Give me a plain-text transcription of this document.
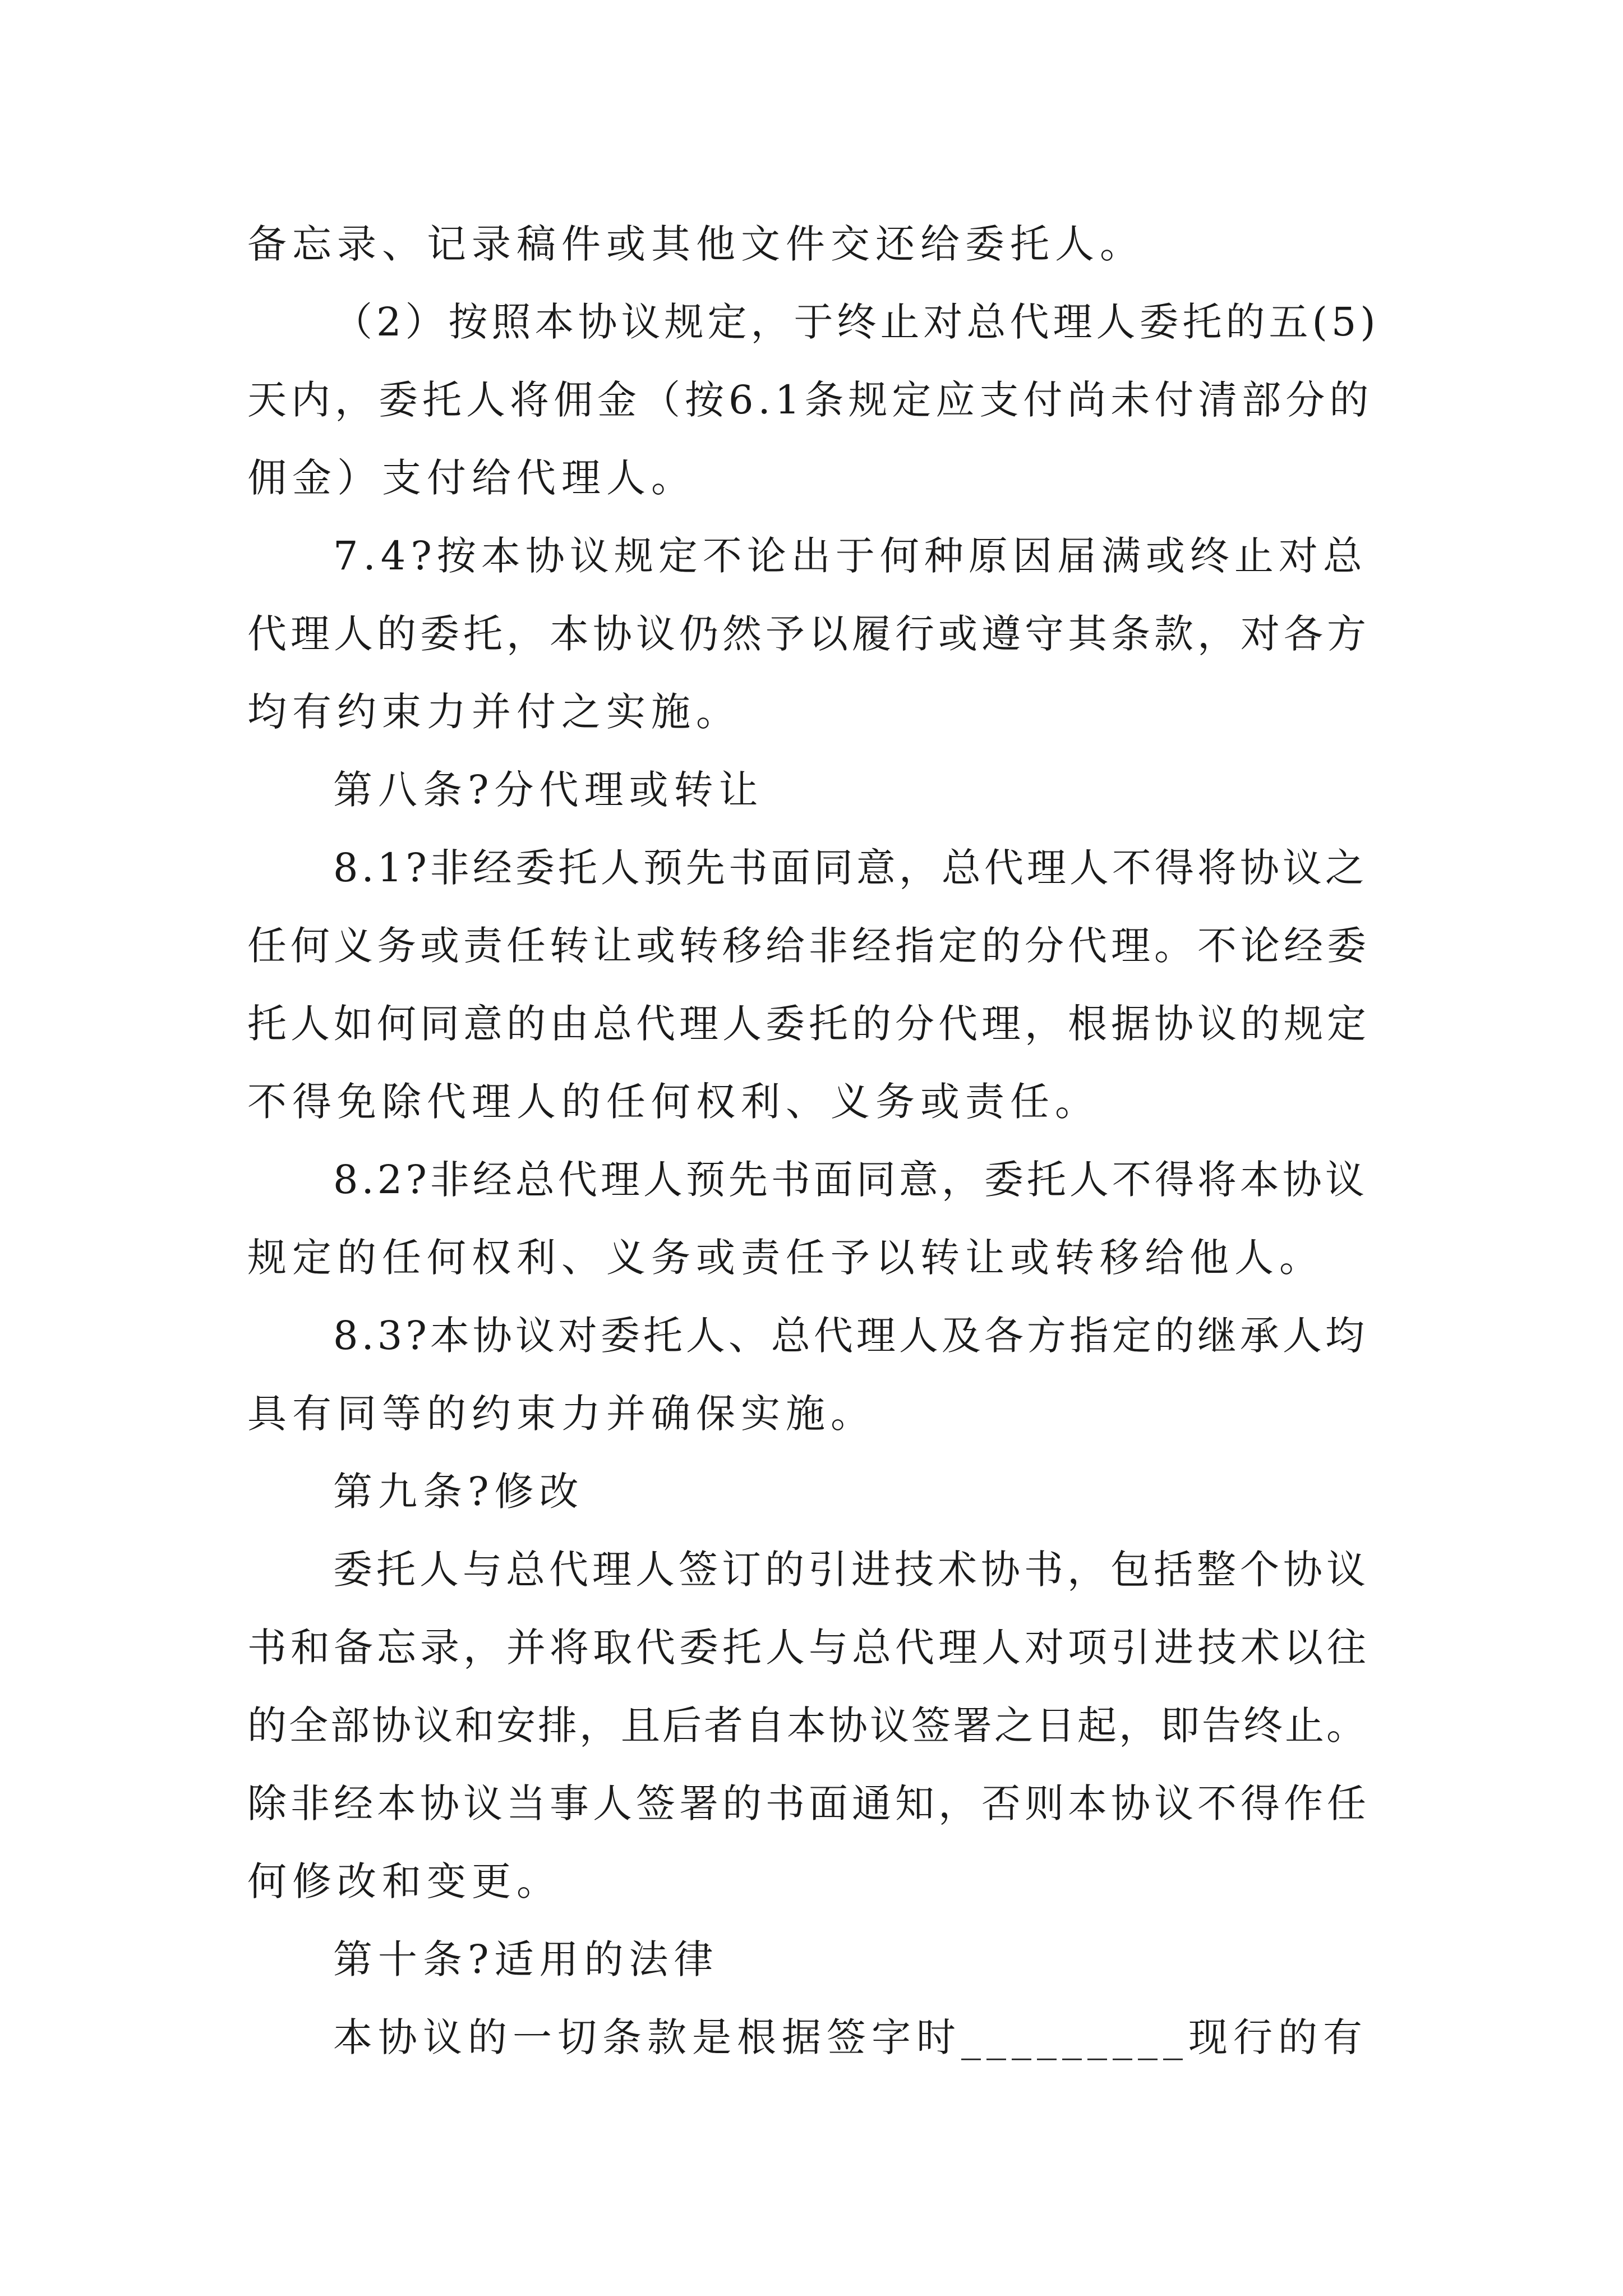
备忘录、记录稿件或其他文件交还给委托人。
（2）按照本协议规定，于终止对总代理人委托的五(5)
天内，委托人将佣金（按6.1条规定应支付尚未付清部分的
佣金）支付给代理人。
7.4?按本协议规定不论出于何种原因届满或终止对总
代理人的委托，本协议仍然予以履行或遵守其条款，对各方
均有约束力并付之实施。
第八条?分代理或转让
8.1?非经委托人预先书面同意，总代理人不得将协议之
任何义务或责任转让或转移给非经指定的分代理。不论经委
托人如何同意的由总代理人委托的分代理，根据协议的规定
不得免除代理人的任何权利、义务或责任。
8.2?非经总代理人预先书面同意，委托人不得将本协议
规定的任何权利、义务或责任予以转让或转移给他人。
8.3?本协议对委托人、总代理人及各方指定的继承人均
具有同等的约束力并确保实施。
第九条?修改
委托人与总代理人签订的引进技术协书，包括整个协议
书和备忘录，并将取代委托人与总代理人对项引进技术以往
的全部协议和安排，且后者自本协议签署之日起，即告终止。
除非经本协议当事人签署的书面通知，否则本协议不得作任
何修改和变更。
第十条?适用的法律
本协议的一切条款是根据签字时_________现行的有
